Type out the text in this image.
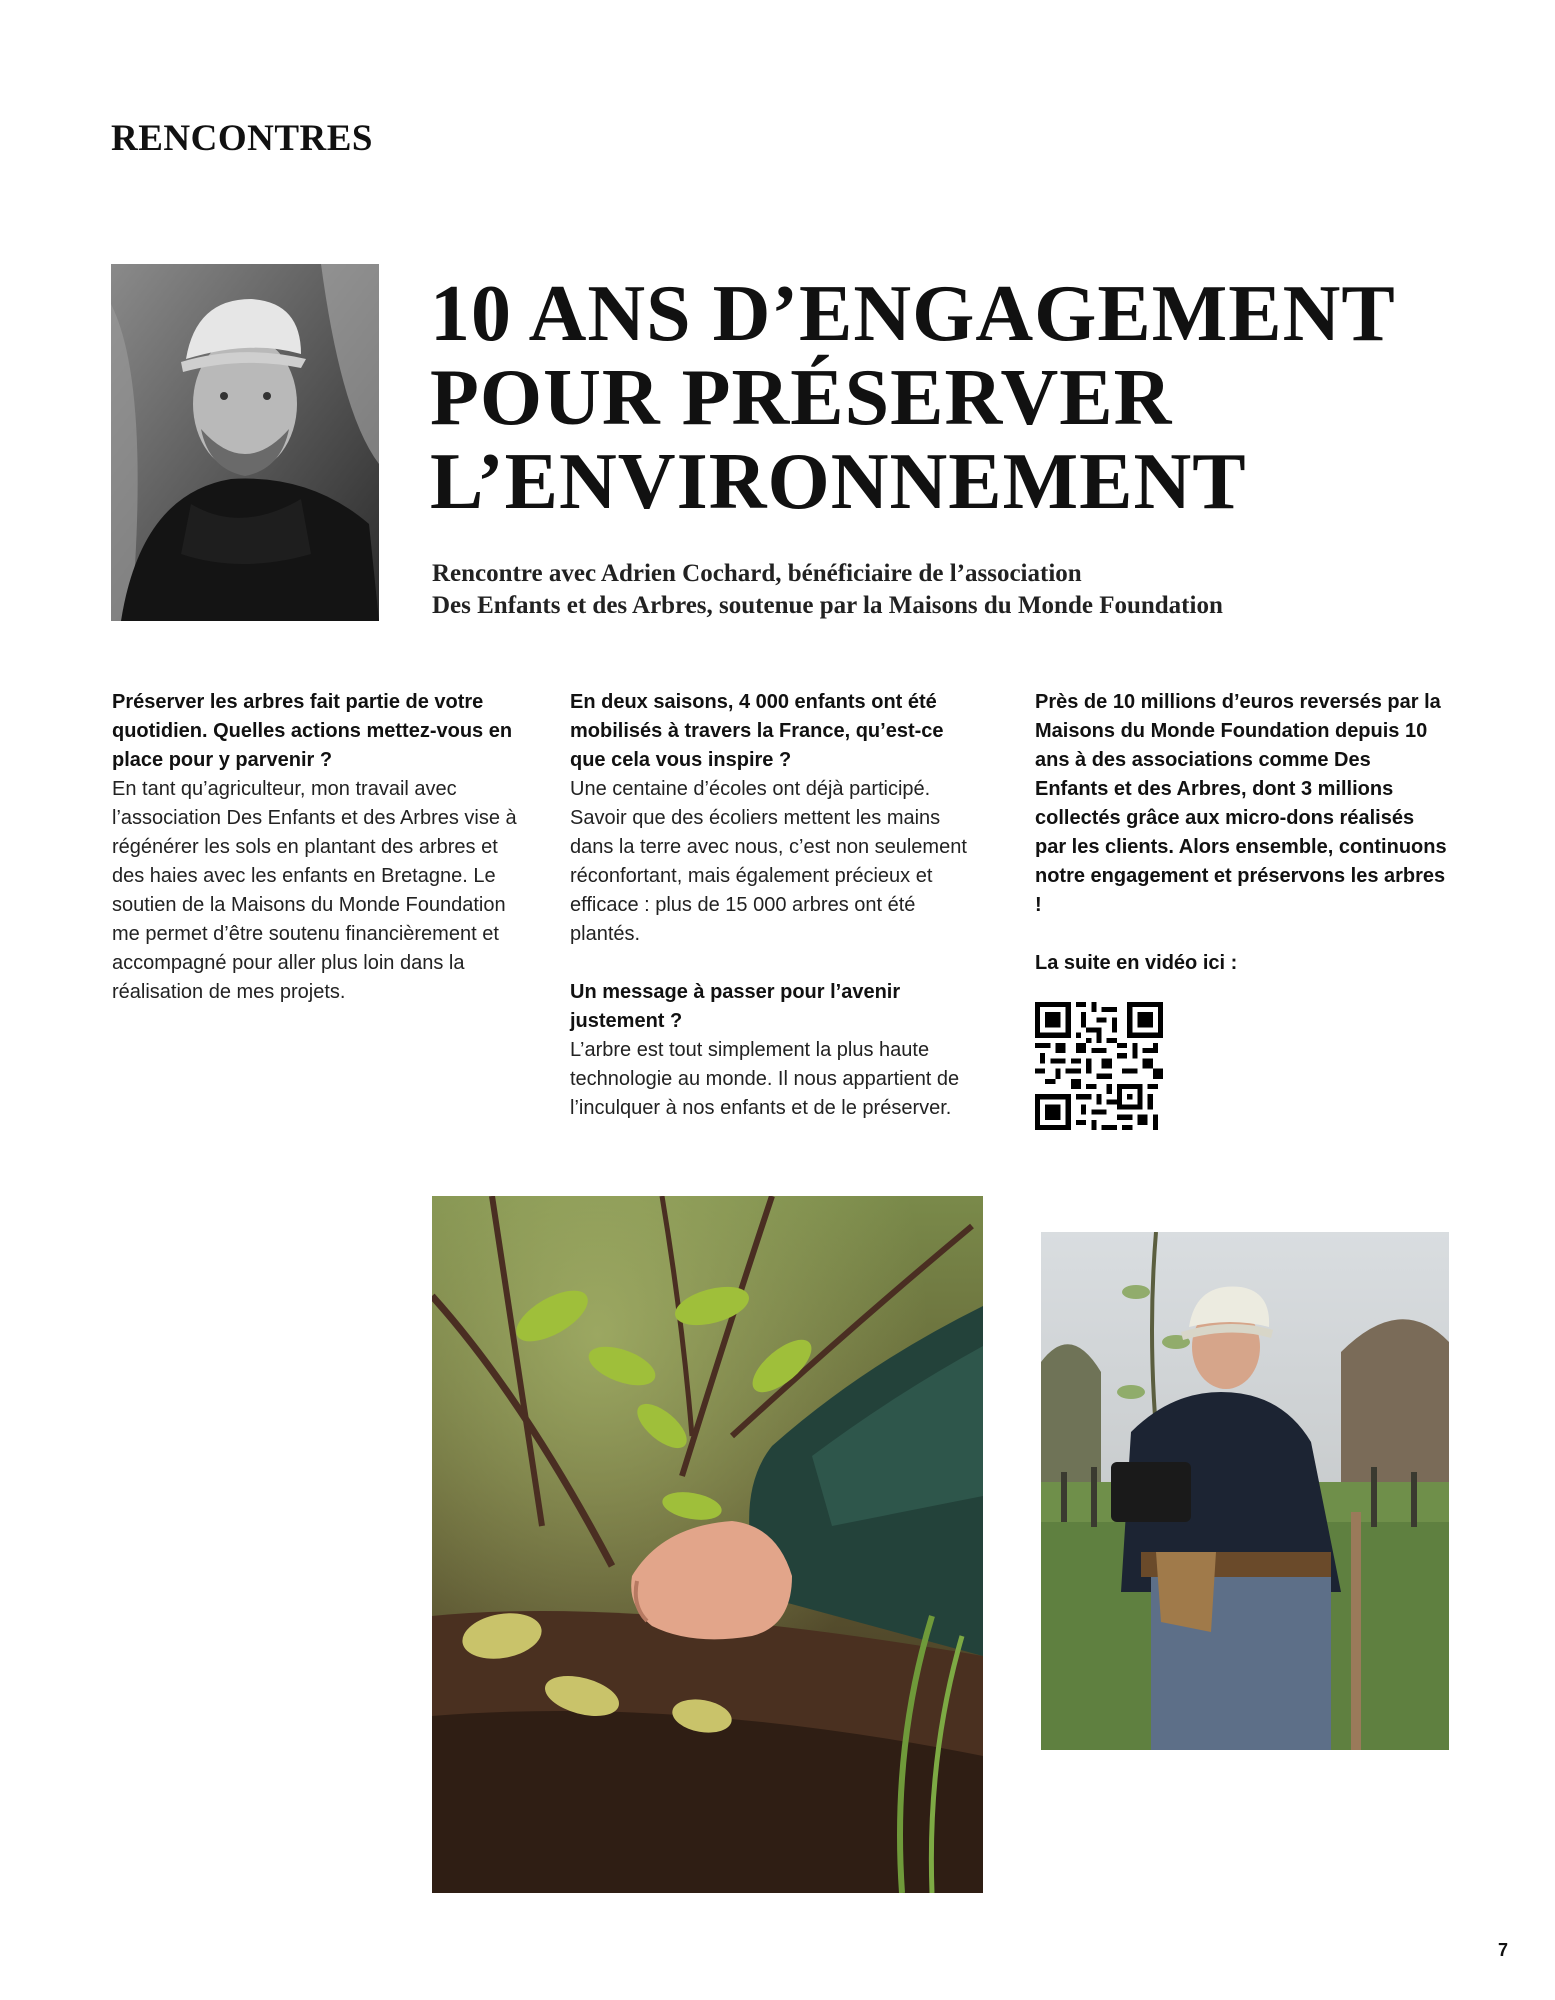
RENCONTRES
10 ANS D’ENGAGEMENT
POUR PRÉSERVER
L’ENVIRONNEMENT
Rencontre avec Adrien Cochard, bénéficiaire de l’association
Des Enfants et des Arbres, soutenue par la Maisons du Monde Foundation
Préserver les arbres fait partie de votre quotidien. Quelles actions mettez-vous en place pour y parvenir ?
En tant qu’agriculteur, mon travail avec l’association Des Enfants et des Arbres vise à régénérer les sols en plantant des arbres et des haies avec les enfants en Bretagne. Le soutien de la Maisons du Monde Foundation me permet d’être soutenu financièrement et accompagné pour aller plus loin dans la réalisation de mes projets.
En deux saisons, 4 000 enfants ont été mobilisés à travers la France, qu’est-ce que cela vous inspire ?
Une centaine d’écoles ont déjà participé. Savoir que des écoliers mettent les mains dans la terre avec nous, c’est non seulement réconfortant, mais également précieux et efficace : plus de 15 000 arbres ont été plantés.
Un message à passer pour l’avenir justement ?
L’arbre est tout simplement la plus haute technologie au monde. Il nous appartient de l’inculquer à nos enfants et de le préserver.
Près de 10 millions d’euros reversés par la Maisons du Monde Foundation depuis 10 ans à des associations comme Des Enfants et des Arbres, dont 3 millions collectés grâce aux micro-dons réalisés par les clients. Alors ensemble, continuons notre engagement et préservons les arbres !
La suite en vidéo ici :
7
